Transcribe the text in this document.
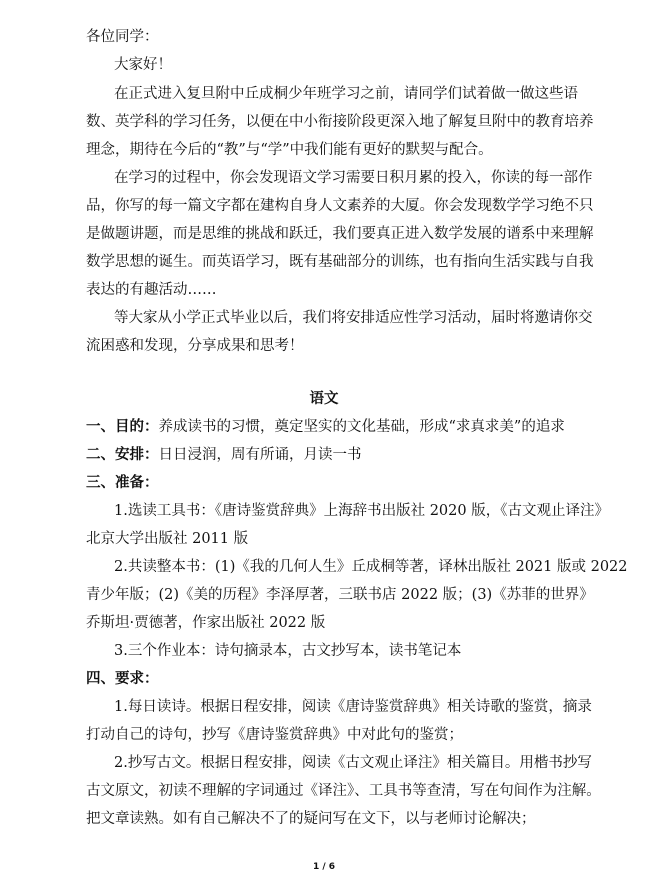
各位同学：
大家好！
在正式进入复旦附中丘成桐少年班学习之前，请同学们试着做一做这些语
数、英学科的学习任务，以便在中小衔接阶段更深入地了解复旦附中的教育培养
理念，期待在今后的“教”与“学”中我们能有更好的默契与配合。
在学习的过程中，你会发现语文学习需要日积月累的投入，你读的每一部作
品，你写的每一篇文字都在建构自身人文素养的大厦。你会发现数学学习绝不只
是做题讲题，而是思维的挑战和跃迁，我们要真正进入数学发展的谱系中来理解
数学思想的诞生。而英语学习，既有基础部分的训练，也有指向生活实践与自我
表达的有趣活动……
等大家从小学正式毕业以后，我们将安排适应性学习活动，届时将邀请你交
流困惑和发现，分享成果和思考！
语文
一、目的：养成读书的习惯，奠定坚实的文化基础，形成“求真求美”的追求
二、安排：日日浸润，周有所诵，月读一书
三、准备：
1.选读工具书：《唐诗鉴赏辞典》上海辞书出版社 2020 版，《古文观止译注》
北京大学出版社 2011 版
2.共读整本书：(1)《我的几何人生》丘成桐等著，译林出版社 2021 版或 2022
青少年版；(2)《美的历程》李泽厚著，三联书店 2022 版；(3)《苏菲的世界》
乔斯坦·贾德著，作家出版社 2022 版
3.三个作业本：诗句摘录本，古文抄写本，读书笔记本
四、要求：
1.每日读诗。根据日程安排，阅读《唐诗鉴赏辞典》相关诗歌的鉴赏，摘录
打动自己的诗句，抄写《唐诗鉴赏辞典》中对此句的鉴赏；
2.抄写古文。根据日程安排，阅读《古文观止译注》相关篇目。用楷书抄写
古文原文，初读不理解的字词通过《译注》、工具书等查清，写在句间作为注解。
把文章读熟。如有自己解决不了的疑问写在文下，以与老师讨论解决；
1 / 6
